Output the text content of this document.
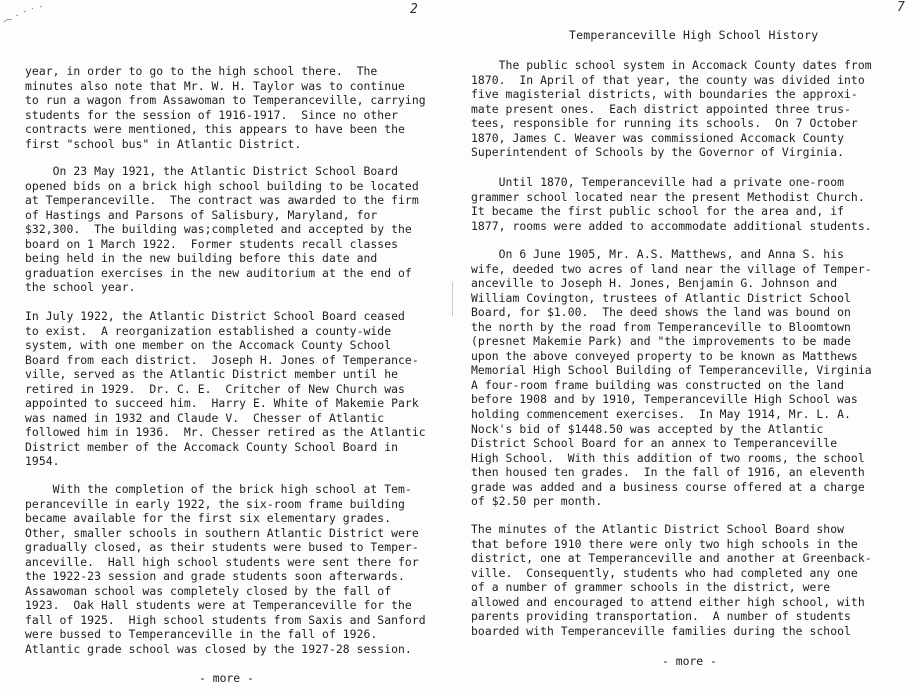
year, in order to go to the high school there.  The
minutes also note that Mr. W. H. Taylor was to continue
to run a wagon from Assawoman to Temperanceville, carrying
students for the session of 1916-1917.  Since no other
contracts were mentioned, this appears to have been the
first "school bus" in Atlantic District.

On 23 May 1921, the Atlantic District School Board
opened bids on a brick high school building to be located
at Temperanceville.  The contract was awarded to the firm
of Hastings and Parsons of Salisbury, Maryland, for
$32,300.  The building was;completed and accepted by the
board on 1 March 1922.  Former students recall classes
being held in the new building before this date and
graduation exercises in the new auditorium at the end of
the school year.

In July 1922, the Atlantic District School Board ceased
to exist.  A reorganization established a county-wide
system, with one member on the Accomack County School
Board from each district.  Joseph H. Jones of Temperance-
ville, served as the Atlantic District member until he
retired in 1929.  Dr. C. E.  Critcher of New Church was
appointed to succeed him.  Harry E. White of Makemie Park
was named in 1932 and Claude V.  Chesser of Atlantic
followed him in 1936.  Mr. Chesser retired as the Atlantic
District member of the Accomack County School Board in
1954.

With the completion of the brick high school at Tem-
peranceville in early 1922, the six-room frame building
became available for the first six elementary grades.
Other, smaller schools in southern Atlantic District were
gradually closed, as their students were bused to Temper-
anceville.  Hall high school students were sent there for
the 1922-23 session and grade students soon afterwards.
Assawoman school was completely closed by the fall of
1923.  Oak Hall students were at Temperanceville for the
fall of 1925.  High school students from Saxis and Sanford
were bussed to Temperanceville in the fall of 1926.
Atlantic grade school was closed by the 1927-28 session.

- more -
2
Temperanceville High School History
7

The public school system in Accomack County dates from
1870.  In April of that year, the county was divided into
five magisterial districts, with boundaries the approxi-
mate present ones.  Each district appointed three trus-
tees, responsible for running its schools.  On 7 October
1870, James C. Weaver was commissioned Accomack County
Superintendent of Schools by the Governor of Virginia.

Until 1870, Temperanceville had a private one-room
grammer school located near the present Methodist Church.
It became the first public school for the area and, if
1877, rooms were added to accommodate additional students.

On 6 June 1905, Mr. A.S. Matthews, and Anna S. his
wife, deeded two acres of land near the village of Temper-
anceville to Joseph H. Jones, Benjamin G. Johnson and
William Covington, trustees of Atlantic District School
Board, for $1.00.  The deed shows the land was bound on
the north by the road from Temperanceville to Bloomtown
(presnet Makemie Park) and "the improvements to be made
upon the above conveyed property to be known as Matthews
Memorial High School Building of Temperanceville, Virginia
A four-room frame building was constructed on the land
before 1908 and by 1910, Temperanceville High School was
holding commencement exercises.  In May 1914, Mr. L. A.
Nock's bid of $1448.50 was accepted by the Atlantic
District School Board for an annex to Temperanceville
High School.  With this addition of two rooms, the school
then housed ten grades.  In the fall of 1916, an eleventh
grade was added and a business course offered at a charge
of $2.50 per month.

The minutes of the Atlantic District School Board show
that before 1910 there were only two high schools in the
district, one at Temperanceville and another at Greenback-
ville.  Consequently, students who had completed any one
of a number of grammer schools in the district, were
allowed and encouraged to attend either high school, with
parents providing transportation.  A number of students
boarded with Temperanceville families during the school

- more -
